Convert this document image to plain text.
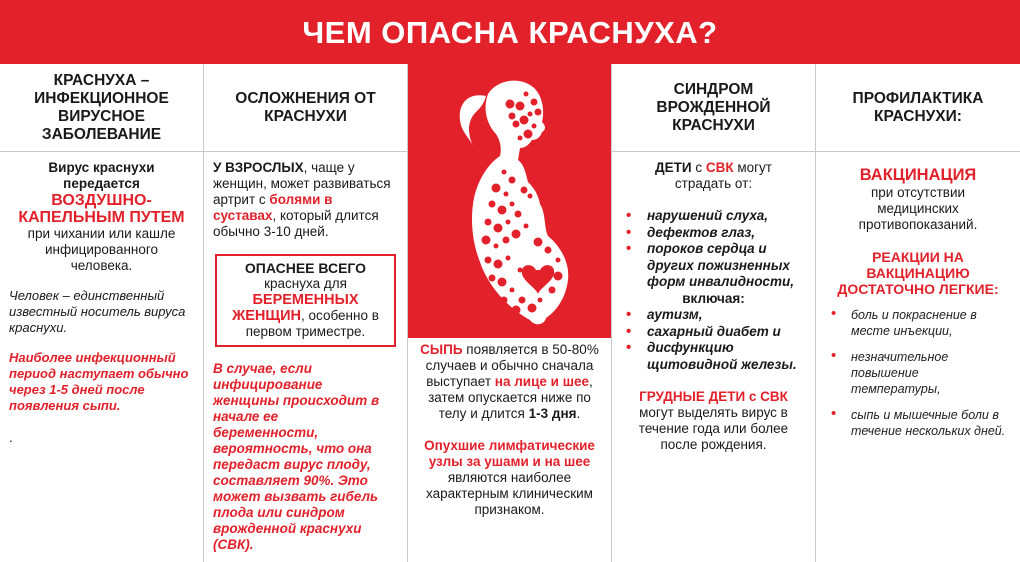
ЧЕМ ОПАСНА КРАСНУХА?
КРАСНУХА – ИНФЕКЦИОННОЕ ВИРУСНОЕ ЗАБОЛЕВАНИЕ
Вирус краснухи передается
ВОЗДУШНО-КАПЕЛЬНЫМ ПУТЕМ
при чихании или кашле инфицированного человека.

Человек – единственный известный носитель вируса краснухи.

Наиболее инфекционный период наступает обычно через 1-5 дней после появления сыпи.

.

ОСЛОЖНЕНИЯ ОТ КРАСНУХИ

У ВЗРОСЛЫХ, чаще у женщин, может развиваться артрит с болями в суставах, который длится обычно 3-10 дней.

ОПАСНЕЕ ВСЕГО
краснуха для
БЕРЕМЕННЫХ ЖЕНЩИН, особенно в первом триместре.

В случае, если инфицирование женщины происходит в начале ее беременности, вероятность, что она передаст вирус плоду, составляет 90%. Это может вызвать гибель плода или синдром врожденной краснухи (СВК).

СЫПЬ появляется в 50-80% случаев и обычно сначала выступает на лице и шее, затем опускается ниже по телу и длится 1-3 дня.

Опухшие лимфатические узлы за ушами и на шее являются наиболее характерным клиническим признаком.

СИНДРОМ ВРОЖДЕННОЙ КРАСНУХИ

ДЕТИ с СВК могут страдать от:

• нарушений слуха,
• дефектов глаз,
• пороков сердца и других пожизненных форм инвалидности,
включая:
• аутизм,
• сахарный диабет и
• дисфункцию щитовидной железы.

ГРУДНЫЕ ДЕТИ с СВК
могут выделять вирус в течение года или более после рождения.

ПРОФИЛАКТИКА КРАСНУХИ:

ВАКЦИНАЦИЯ
при отсутствии медицинских противопоказаний.

РЕАКЦИИ НА ВАКЦИНАЦИЮ ДОСТАТОЧНО ЛЕГКИЕ:

• боль и покраснение в месте инъекции,
• незначительное повышение температуры,
• сыпь и мышечные боли в течение нескольких дней.
